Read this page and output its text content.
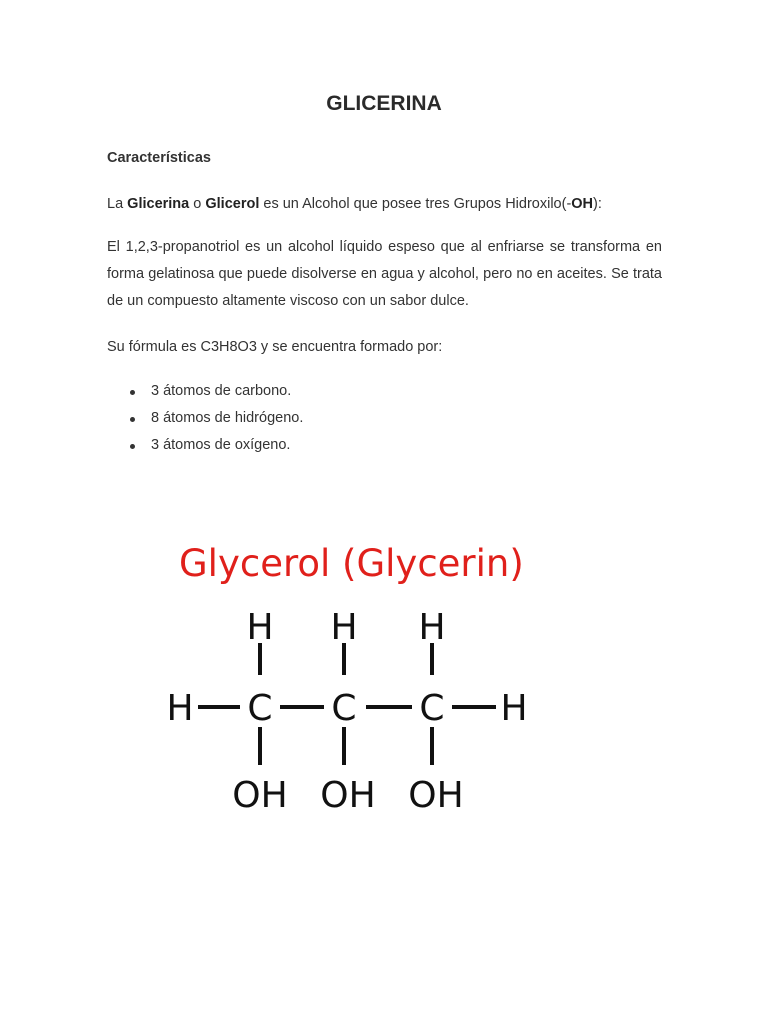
GLICERINA

Características

La Glicerina o Glicerol es un Alcohol que posee tres Grupos Hidroxilo(-OH):

El 1,2,3-propanotriol es un alcohol líquido espeso que al enfriarse se transforma en forma gelatinosa que puede disolverse en agua y alcohol, pero no en aceites. Se trata de un compuesto altamente viscoso con un sabor dulce.

Su fórmula es C3H8O3 y se encuentra formado por:

3 átomos de carbono.
8 átomos de hidrógeno.
3 átomos de oxígeno.
Glycerol (Glycerin)
H H H
H C C C H
OH OH OH
